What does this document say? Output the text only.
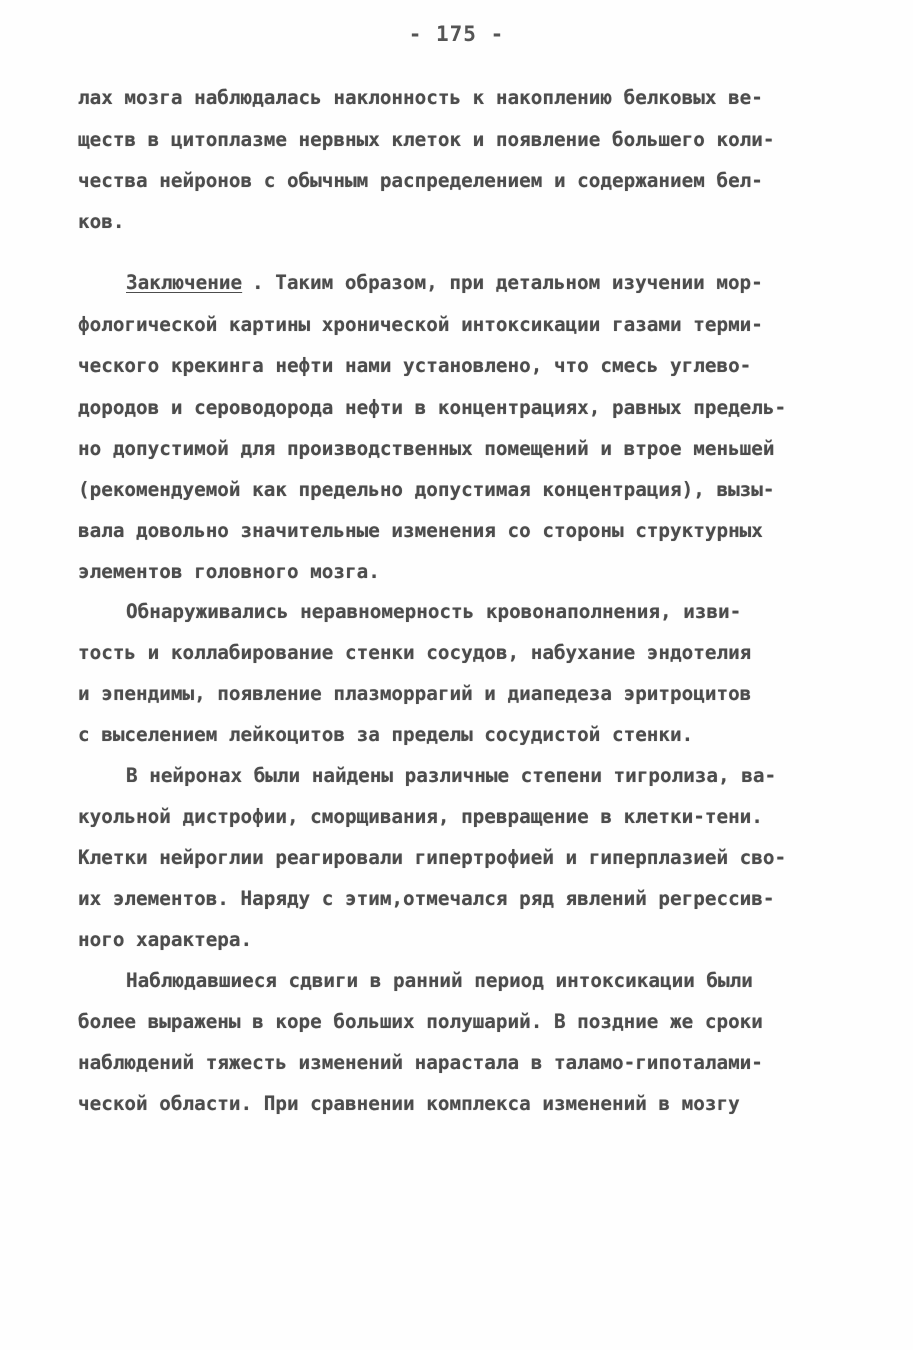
- 175 -
лах мозга наблюдалась наклонность к накоплению белковых ве-
ществ в цитоплазме нервных клеток и появление большего коли-
чества нейронов с обычным распределением и содержанием бел-
ков.
Заключение . Таким образом, при детальном изучении мор-
фологической картины хронической интоксикации газами терми-
ческого крекинга нефти нами установлено, что смесь углево-
дородов и сероводорода нефти в концентрациях, равных предель-
но допустимой для производственных помещений и втрое меньшей
(рекомендуемой как предельно допустимая концентрация), вызы-
вала довольно значительные изменения со стороны структурных
элементов головного мозга.
Обнаруживались неравномерность кровонаполнения, изви-
тость и коллабирование стенки сосудов, набухание эндотелия
и эпендимы, появление плазморрагий и диапедеза эритроцитов
с выселением лейкоцитов за пределы сосудистой стенки.
В нейронах были найдены различные степени тигролиза, ва-
куольной дистрофии, сморщивания, превращение в клетки-тени.
Клетки нейроглии реагировали гипертрофией и гиперплазией сво-
их элементов. Наряду с этим,отмечался ряд явлений регрессив-
ного характера.
Наблюдавшиеся сдвиги в ранний период интоксикации были
более выражены в коре больших полушарий. В поздние же сроки
наблюдений тяжесть изменений нарастала в таламо-гипоталами-
ческой области. При сравнении комплекса изменений в мозгу
